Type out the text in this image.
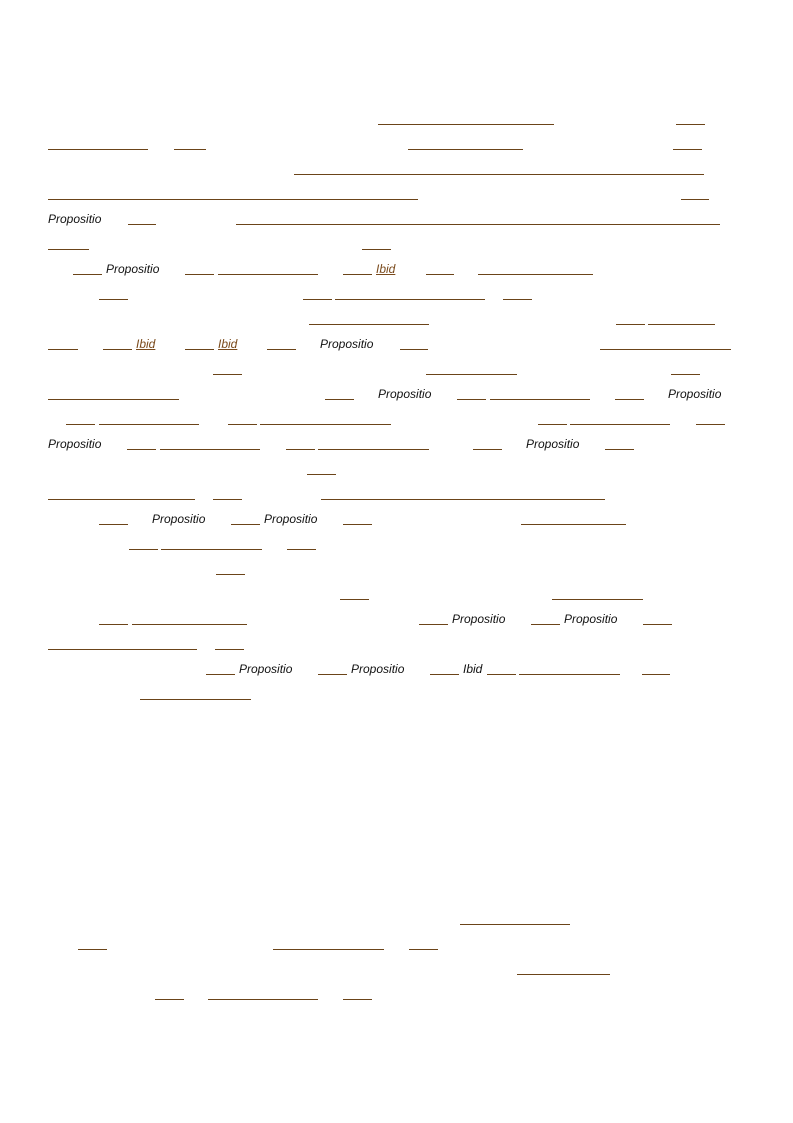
Propositio
Propositio	Ibid
Ibid	Ibid	Propositio
Propositio	Propositio
Propositio	Propositio
Propositio	Propositio
Propositio	Propositio
Propositio	Propositio	Ibid
